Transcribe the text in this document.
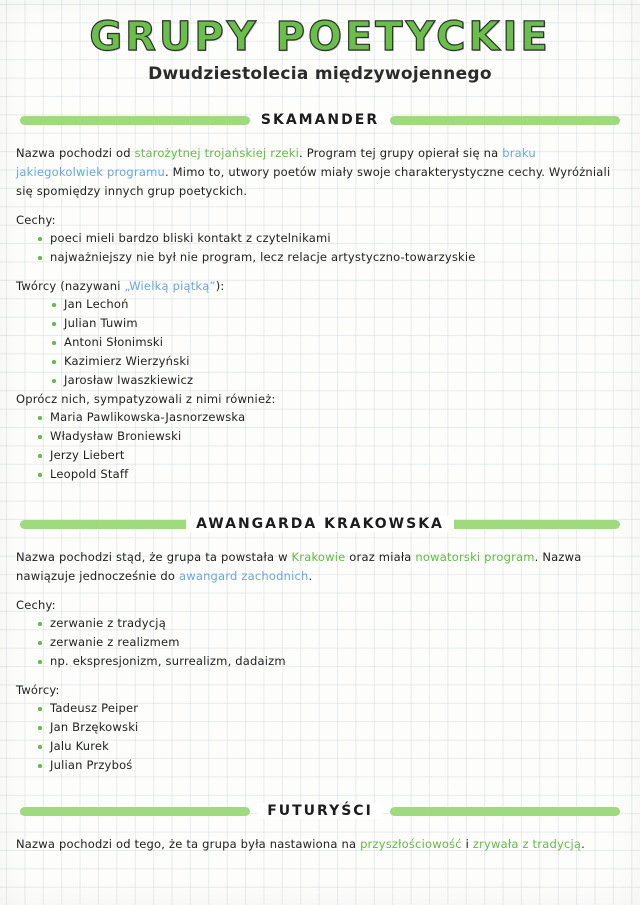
GRUPY POETYCKIE
Dwudziestolecia międzywojennego
SKAMANDER

Nazwa pochodzi od starożytnej trojańskiej rzeki. Program tej grupy opierał się na braku jakiegokolwiek programu. Mimo to, utwory poetów miały swoje charakterystyczne cechy. Wyróżniali się spomiędzy innych grup poetyckich.

Cechy:
poeci mieli bardzo bliski kontakt z czytelnikami
najważniejszy nie był nie program, lecz relacje artystyczno-towarzyskie
Twórcy (nazywani „Wielką piątką”):
Jan Lechoń
Julian Tuwim
Antoni Słonimski
Kazimierz Wierzyński
Jarosław Iwaszkiewicz
Oprócz nich, sympatyzowali z nimi również:
Maria Pawlikowska-Jasnorzewska
Władysław Broniewski
Jerzy Liebert
Leopold Staff
AWANGARDA KRAKOWSKA

Nazwa pochodzi stąd, że grupa ta powstała w Krakowie oraz miała nowatorski program. Nazwa nawiązuje jednocześnie do awangard zachodnich.

Cechy:
zerwanie z tradycją
zerwanie z realizmem
np. ekspresjonizm, surrealizm, dadaizm
Twórcy:
Tadeusz Peiper
Jan Brzękowski
Jalu Kurek
Julian Przyboś
FUTURYŚCI

Nazwa pochodzi od tego, że ta grupa była nastawiona na przyszłościowość i zrywała z tradycją.
